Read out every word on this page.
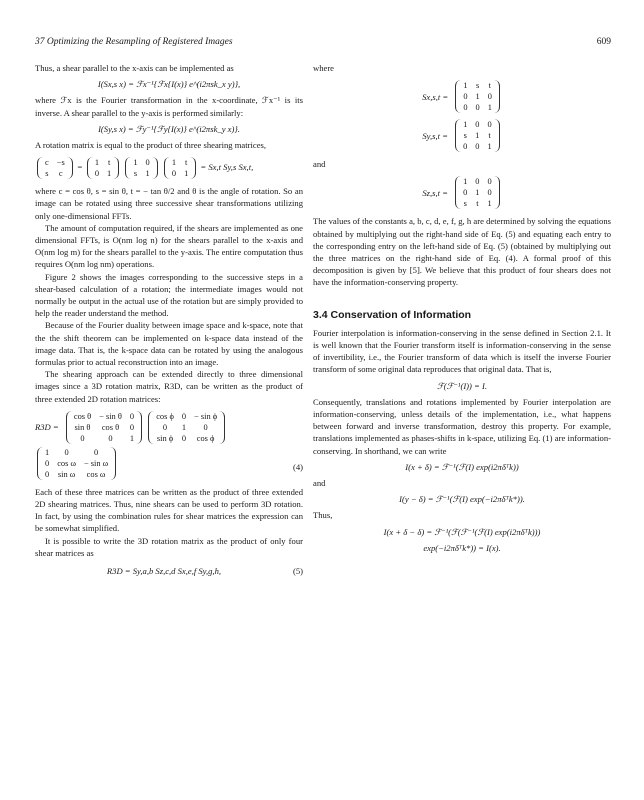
37 Optimizing the Resampling of Registered Images	609

Thus, a shear parallel to the x-axis can be implemented as

I(Sx,s x) = ℱx⁻¹{ℱx{I(x)} e^(i2πsk_x y)},

where ℱx is the Fourier transformation in the x-coordinate, ℱx⁻¹ is its inverse. A shear parallel to the y-axis is performed similarly:

I(Sy,s x) = ℱy⁻¹{ℱy{I(x)} e^(i2πsk_y x)}.

A rotation matrix is equal to the product of three shearing matrices,

c	−s
s	c
= 1	t
0	1

1	0
s	1

1	t
0	1
= Sx,t Sy,s Sx,t,

where c = cos θ, s = sin θ, t = − tan θ/2 and θ is the angle of rotation. So an image can be rotated using three successive shear transformations utilizing only one-dimensional FFTs.

The amount of computation required, if the shears are implemented as one dimensional FFTs, is O(nm log n) for the shears parallel to the x-axis and O(nm log m) for the shears parallel to the y-axis. The entire computation thus requires O(nm log nm) operations.

Figure 2 shows the images corresponding to the successive steps in a shear-based calculation of a rotation; the intermediate images would not normally be output in the actual use of the rotation but are simply provided to help the reader understand the method.

Because of the Fourier duality between image space and k-space, note that the the shift theorem can be implemented on k-space data instead of the image data. That is, the k-space data can be rotated by using the analogous formulas prior to actual reconstruction into an image.

The shearing approach can be extended directly to three dimensional images since a 3D rotation matrix, R3D, can be written as the product of three extended 2D rotation matrices:

R3D =
cos θ	− sin θ	0
sin θ	cos θ	0
0	0	1

cos ϕ	0	− sin ϕ
0	1	0
sin ϕ	0	cos ϕ
1	0	0
0	cos ω	− sin ω
0	sin ω	cos ω
(4)

Each of these three matrices can be written as the product of three extended 2D shearing matrices. Thus, nine shears can be used to perform 3D rotation. In fact, by using the combination rules for shear matrices the expression can be somewhat simplified.

It is possible to write the 3D rotation matrix as the product of only four shear matrices as

R3D = Sy,a,b Sz,c,d Sx,e,f Sy,g,h,	(5)

where

Sx,s,t =
1	s	t
0	1	0
0	0	1
Sy,s,t =
1	0	0
s	1	t
0	0	1

and

Sz,s,t =
1	0	0
0	1	0
s	t	1

The values of the constants a, b, c, d, e, f, g, h are determined by solving the equations obtained by multiplying out the right-hand side of Eq. (5) and equating each entry to the corresponding entry on the left-hand side of Eq. (5) (obtained by multiplying out the three matrices on the right-hand side of Eq. (4). A formal proof of this decomposition is given by [5]. We believe that this product of four shears does not have the information-conserving property.

3.4 Conservation of Information

Fourier interpolation is information-conserving in the sense defined in Section 2.1. It is well known that the Fourier transform itself is information-conserving in the sense of invertibility, i.e., the Fourier transform of data which is itself the inverse Fourier transform of some original data reproduces that original data. That is,

ℱ(ℱ⁻¹(I)) = I.

Consequently, translations and rotations implemented by Fourier interpolation are information-conserving, unless details of the implementation, i.e., what happens between forward and inverse transformation, destroy this property. For example, translations implemented as phases-shifts in k-space, utilizing Eq. (1) are information-conserving. In shorthand, we can write

I(x + δ) = ℱ⁻¹(ℱ(I) exp(i2πδᵀk))

and

I(y − δ) = ℱ⁻¹(ℱ(I) exp(−i2πδᵀk*)).

Thus,

I(x + δ − δ) = ℱ⁻¹(ℱ(ℱ⁻¹(ℱ(I) exp(i2πδᵀk)))
exp(−i2πδᵀk*)) = I(x).
